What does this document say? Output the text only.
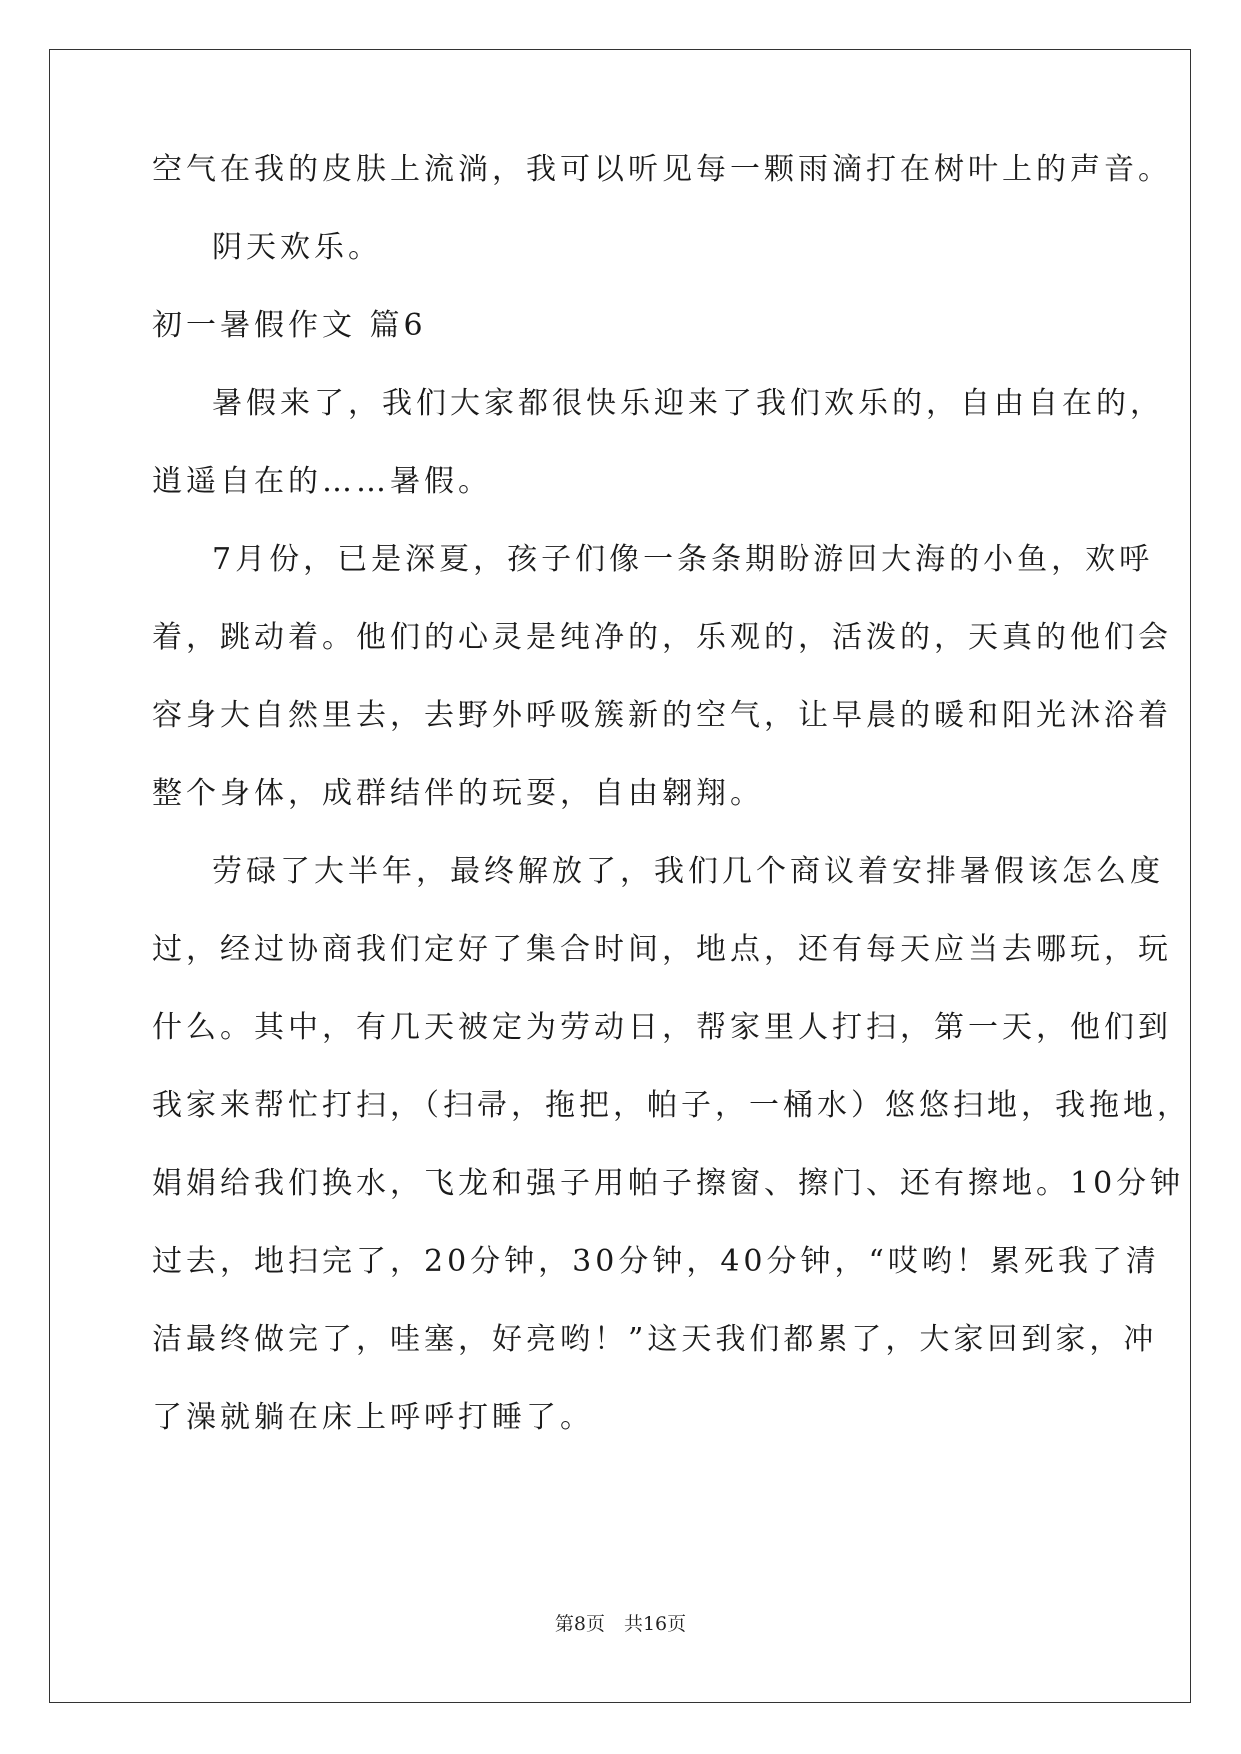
空气在我的皮肤上流淌，我可以听见每一颗雨滴打在树叶上的声音。
阴天欢乐。
初一暑假作文 篇6
暑假来了，我们大家都很快乐迎来了我们欢乐的，自由自在的，
逍遥自在的……暑假。
7月份，已是深夏，孩子们像一条条期盼游回大海的小鱼，欢呼
着，跳动着。他们的心灵是纯净的，乐观的，活泼的，天真的他们会
容身大自然里去，去野外呼吸簇新的空气，让早晨的暖和阳光沐浴着
整个身体，成群结伴的玩耍，自由翱翔。
劳碌了大半年，最终解放了，我们几个商议着安排暑假该怎么度
过，经过协商我们定好了集合时间，地点，还有每天应当去哪玩，玩
什么。其中，有几天被定为劳动日，帮家里人打扫，第一天，他们到
我家来帮忙打扫，（扫帚，拖把，帕子，一桶水）悠悠扫地，我拖地，
娟娟给我们换水，飞龙和强子用帕子擦窗、擦门、还有擦地。10分钟
过去，地扫完了，20分钟，30分钟，40分钟，“哎哟！累死我了清
洁最终做完了，哇塞，好亮哟！”这天我们都累了，大家回到家，冲
了澡就躺在床上呼呼打睡了。
第8页　共16页
